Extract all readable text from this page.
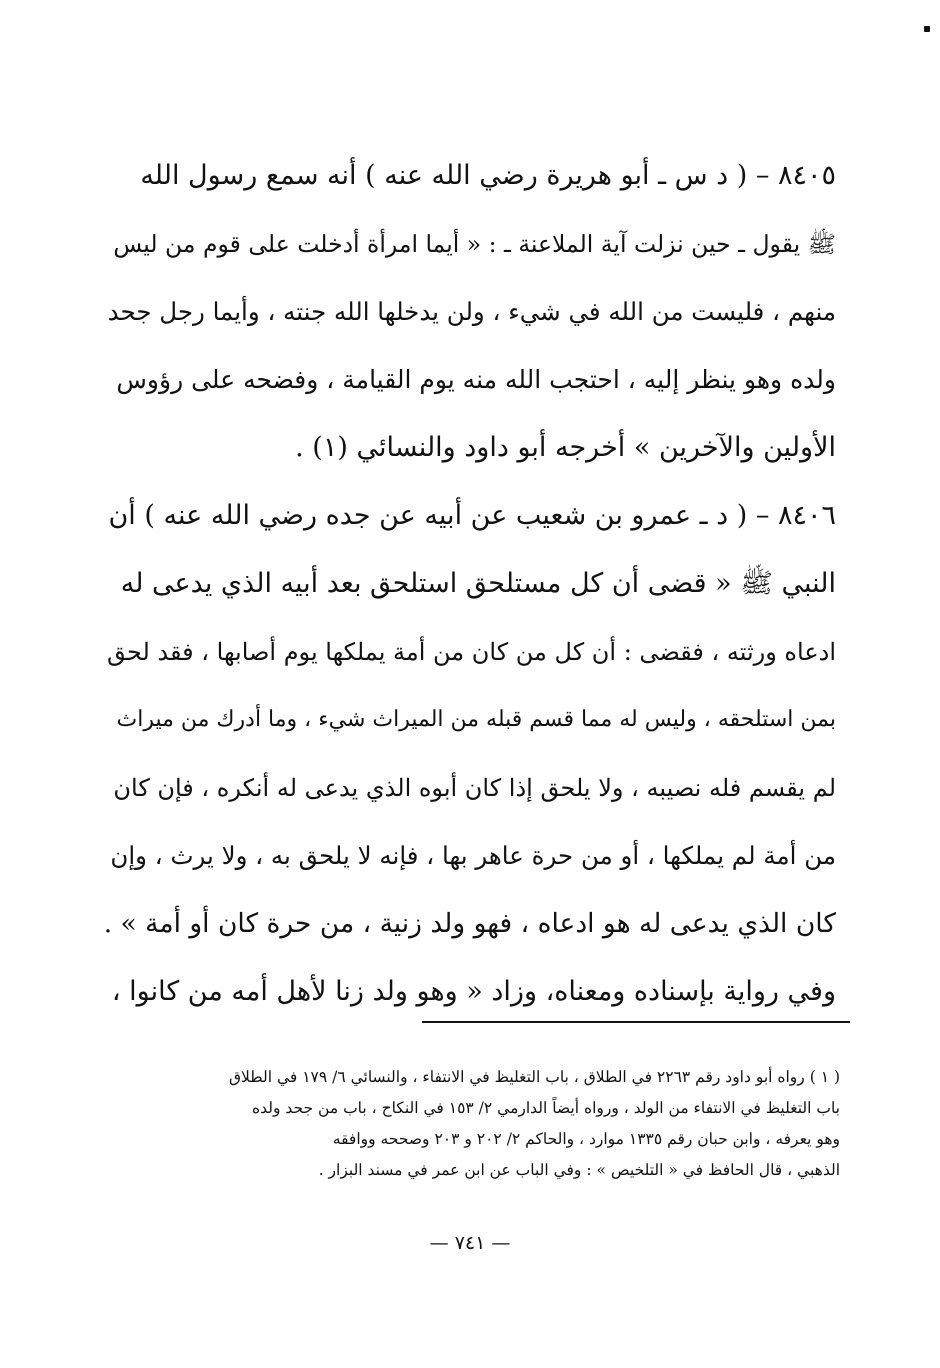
٨٤٠٥ – ( د س ـ أبو هريرة رضي الله عنه ) أنه سمع رسول الله
ﷺ يقول ـ حين نزلت آية الملاعنة ـ : « أيما امرأة أدخلت على قوم من ليس
منهم ، فليست من الله في شيء ، ولن يدخلها الله جنته ، وأيما رجل جحد
ولده وهو ينظر إليه ، احتجب الله منه يوم القيامة ، وفضحه على رؤوس
الأولين والآخرين » أخرجه أبو داود والنسائي (١) .
٨٤٠٦ – ( د ـ عمرو بن شعيب عن أبيه عن جده رضي الله عنه ) أن
النبي ﷺ « قضى أن كل مستلحق استلحق بعد أبيه الذي يدعى له
ادعاه ورثته ، فقضى : أن كل من كان من أمة يملكها يوم أصابها ، فقد لحق
بمن استلحقه ، وليس له مما قسم قبله من الميراث شيء ، وما أدرك من ميراث
لم يقسم فله نصيبه ، ولا يلحق إذا كان أبوه الذي يدعى له أنكره ، فإن كان
من أمة لم يملكها ، أو من حرة عاهر بها ، فإنه لا يلحق به ، ولا يرث ، وإن
كان الذي يدعى له هو ادعاه ، فهو ولد زنية ، من حرة كان أو أمة » .
وفي رواية بإسناده ومعناه، وزاد « وهو ولد زنا لأهل أمه من كانوا ،
( ١ ) رواه أبو داود رقم ٢٢٦٣ في الطلاق ، باب التغليظ في الانتفاء ، والنسائي ٦/ ١٧٩ في الطلاق
باب التغليظ في الانتفاء من الولد ، ورواه أيضاً الدارمي ٢/ ١٥٣ في النكاح ، باب من جحد ولده
وهو يعرفه ، وابن حبان رقم ١٣٣٥ موارد ، والحاكم ٢/ ٢٠٢ و ٢٠٣ وصححه ووافقه
الذهبي ، قال الحافظ في « التلخيص » : وفي الباب عن ابن عمر في مسند البزار .
— ٧٤١ —
